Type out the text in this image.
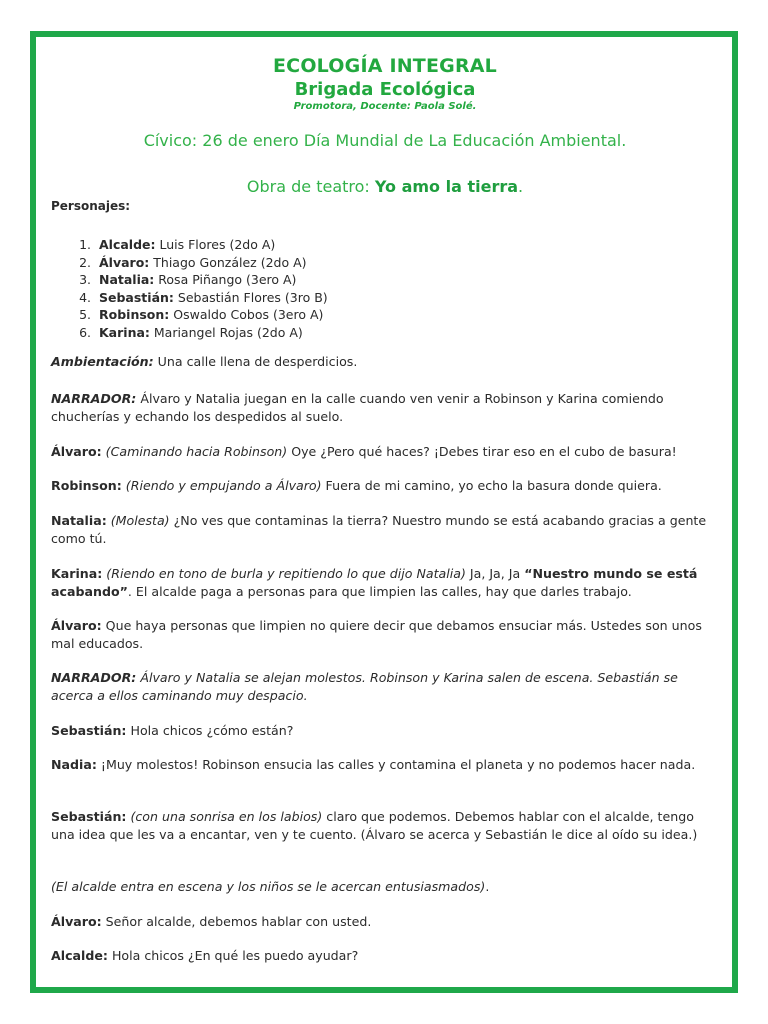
ECOLOGÍA INTEGRAL
Brigada Ecológica
Promotora, Docente: Paola Solé.
Cívico: 26 de enero Día Mundial de La Educación Ambiental.
Obra de teatro: Yo amo la tierra.
Personajes:
1. Alcalde: Luis Flores (2do A)
2. Álvaro: Thiago González (2do A)
3. Natalia: Rosa Piñango (3ero A)
4. Sebastián: Sebastián Flores (3ro B)
5. Robinson: Oswaldo Cobos (3ero A)
6. Karina: Mariangel Rojas (2do A)
Ambientación: Una calle llena de desperdicios.
NARRADOR: Álvaro y Natalia juegan en la calle cuando ven venir a Robinson y Karina comiendo chucherías y echando los despedidos al suelo.
Álvaro: (Caminando hacia Robinson) Oye ¿Pero qué haces? ¡Debes tirar eso en el cubo de basura!
Robinson: (Riendo y empujando a Álvaro) Fuera de mi camino, yo echo la basura donde quiera.
Natalia: (Molesta) ¿No ves que contaminas la tierra? Nuestro mundo se está acabando gracias a gente como tú.
Karina: (Riendo en tono de burla y repitiendo lo que dijo Natalia) Ja, Ja, Ja “Nuestro mundo se está acabando”. El alcalde paga a personas para que limpien las calles, hay que darles trabajo.
Álvaro: Que haya personas que limpien no quiere decir que debamos ensuciar más. Ustedes son unos mal educados.
NARRADOR: Álvaro y Natalia se alejan molestos. Robinson y Karina salen de escena. Sebastián se acerca a ellos caminando muy despacio.
Sebastián: Hola chicos ¿cómo están?
Nadia: ¡Muy molestos! Robinson ensucia las calles y contamina el planeta y no podemos hacer nada.
Sebastián: (con una sonrisa en los labios) claro que podemos. Debemos hablar con el alcalde, tengo una idea que les va a encantar, ven y te cuento. (Álvaro se acerca y Sebastián le dice al oído su idea.)
(El alcalde entra en escena y los niños se le acercan entusiasmados).
Álvaro: Señor alcalde, debemos hablar con usted.
Alcalde: Hola chicos ¿En qué les puedo ayudar?
